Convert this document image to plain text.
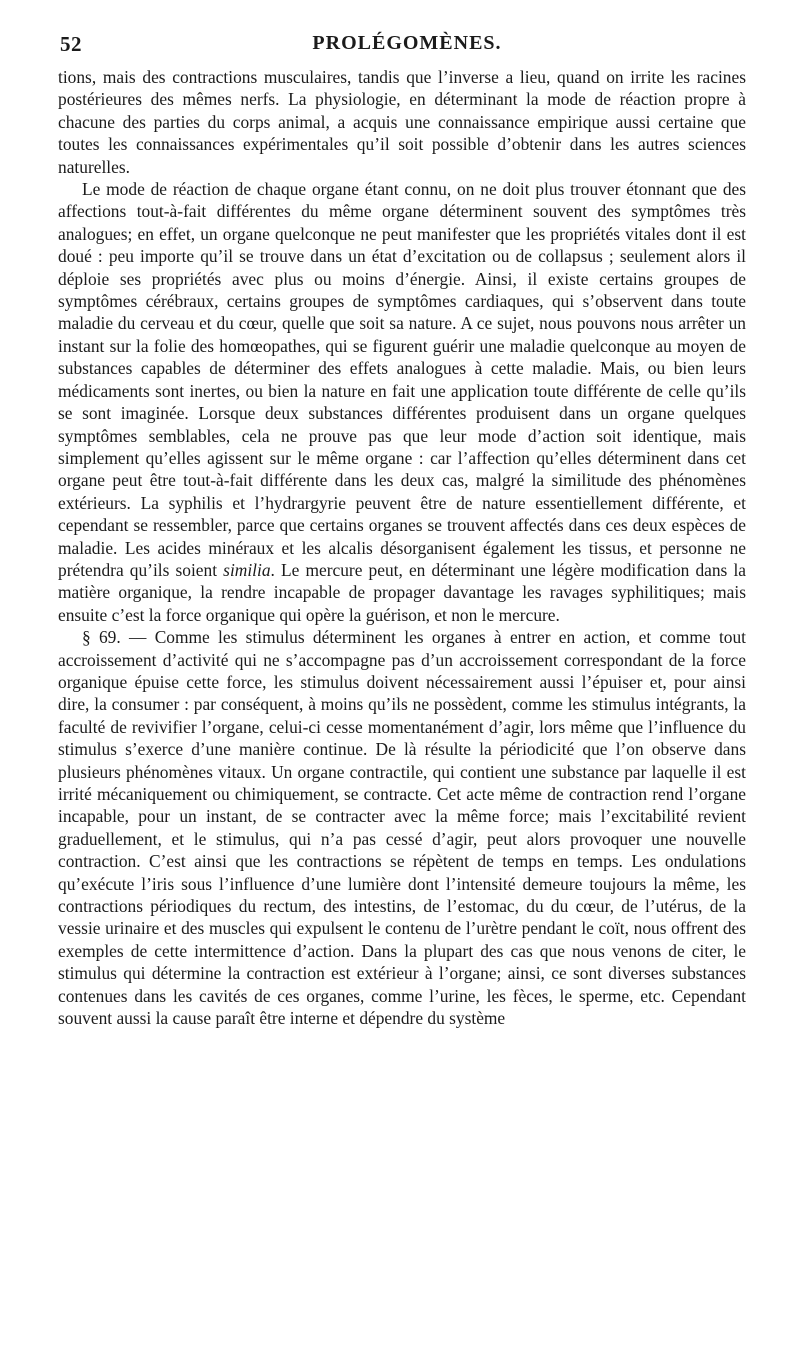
52	PROLÉGOMÈNES.

tions, mais des contractions musculaires, tandis que l’inverse a lieu, quand on irrite les racines postérieures des mêmes nerfs. La physiologie, en déterminant la mode de réaction propre à chacune des parties du corps animal, a acquis une connaissance empirique aussi certaine que toutes les connaissances expérimentales qu’il soit possible d’obtenir dans les autres sciences naturelles.

Le mode de réaction de chaque organe étant connu, on ne doit plus trouver étonnant que des affections tout-à-fait différentes du même organe déterminent souvent des symptômes très analogues; en effet, un organe quelconque ne peut manifester que les propriétés vitales dont il est doué : peu importe qu’il se trouve dans un état d’excitation ou de collapsus ; seulement alors il déploie ses propriétés avec plus ou moins d’énergie. Ainsi, il existe certains groupes de symptômes cérébraux, certains groupes de symptômes cardiaques, qui s’observent dans toute maladie du cerveau et du cœur, quelle que soit sa nature. A ce sujet, nous pouvons nous arrêter un instant sur la folie des homœopathes, qui se figurent guérir une maladie quelconque au moyen de substances capables de déterminer des effets analogues à cette maladie. Mais, ou bien leurs médicaments sont inertes, ou bien la nature en fait une application toute différente de celle qu’ils se sont imaginée. Lorsque deux substances différentes produisent dans un organe quelques symptômes semblables, cela ne prouve pas que leur mode d’action soit identique, mais simplement qu’elles agissent sur le même organe : car l’affection qu’elles déterminent dans cet organe peut être tout-à-fait différente dans les deux cas, malgré la similitude des phénomènes extérieurs. La syphilis et l’hydrargyrie peuvent être de nature essentiellement différente, et cependant se ressembler, parce que certains organes se trouvent affectés dans ces deux espèces de maladie. Les acides minéraux et les alcalis désorganisent également les tissus, et personne ne prétendra qu’ils soient similia. Le mercure peut, en déterminant une légère modification dans la matière organique, la rendre incapable de propager davantage les ravages syphilitiques; mais ensuite c’est la force organique qui opère la guérison, et non le mercure.

§ 69. — Comme les stimulus déterminent les organes à entrer en action, et comme tout accroissement d’activité qui ne s’accompagne pas d’un accroissement correspondant de la force organique épuise cette force, les stimulus doivent nécessairement aussi l’épuiser et, pour ainsi dire, la consumer : par conséquent, à moins qu’ils ne possèdent, comme les stimulus intégrants, la faculté de revivifier l’organe, celui-ci cesse momentanément d’agir, lors même que l’influence du stimulus s’exerce d’une manière continue. De là résulte la périodicité que l’on observe dans plusieurs phénomènes vitaux. Un organe contractile, qui contient une substance par laquelle il est irrité mécaniquement ou chimiquement, se contracte. Cet acte même de contraction rend l’organe incapable, pour un instant, de se contracter avec la même force; mais l’excitabilité revient graduellement, et le stimulus, qui n’a pas cessé d’agir, peut alors provoquer une nouvelle contraction. C’est ainsi que les contractions se répètent de temps en temps. Les ondulations qu’exécute l’iris sous l’influence d’une lumière dont l’intensité demeure toujours la même, les contractions périodiques du rectum, des intestins, de l’estomac, du du cœur, de l’utérus, de la vessie urinaire et des muscles qui expulsent le contenu de l’urètre pendant le coït, nous offrent des exemples de cette intermittence d’action. Dans la plupart des cas que nous venons de citer, le stimulus qui détermine la contraction est extérieur à l’organe; ainsi, ce sont diverses substances contenues dans les cavités de ces organes, comme l’urine, les fèces, le sperme, etc. Cependant souvent aussi la cause paraît être interne et dépendre du système
